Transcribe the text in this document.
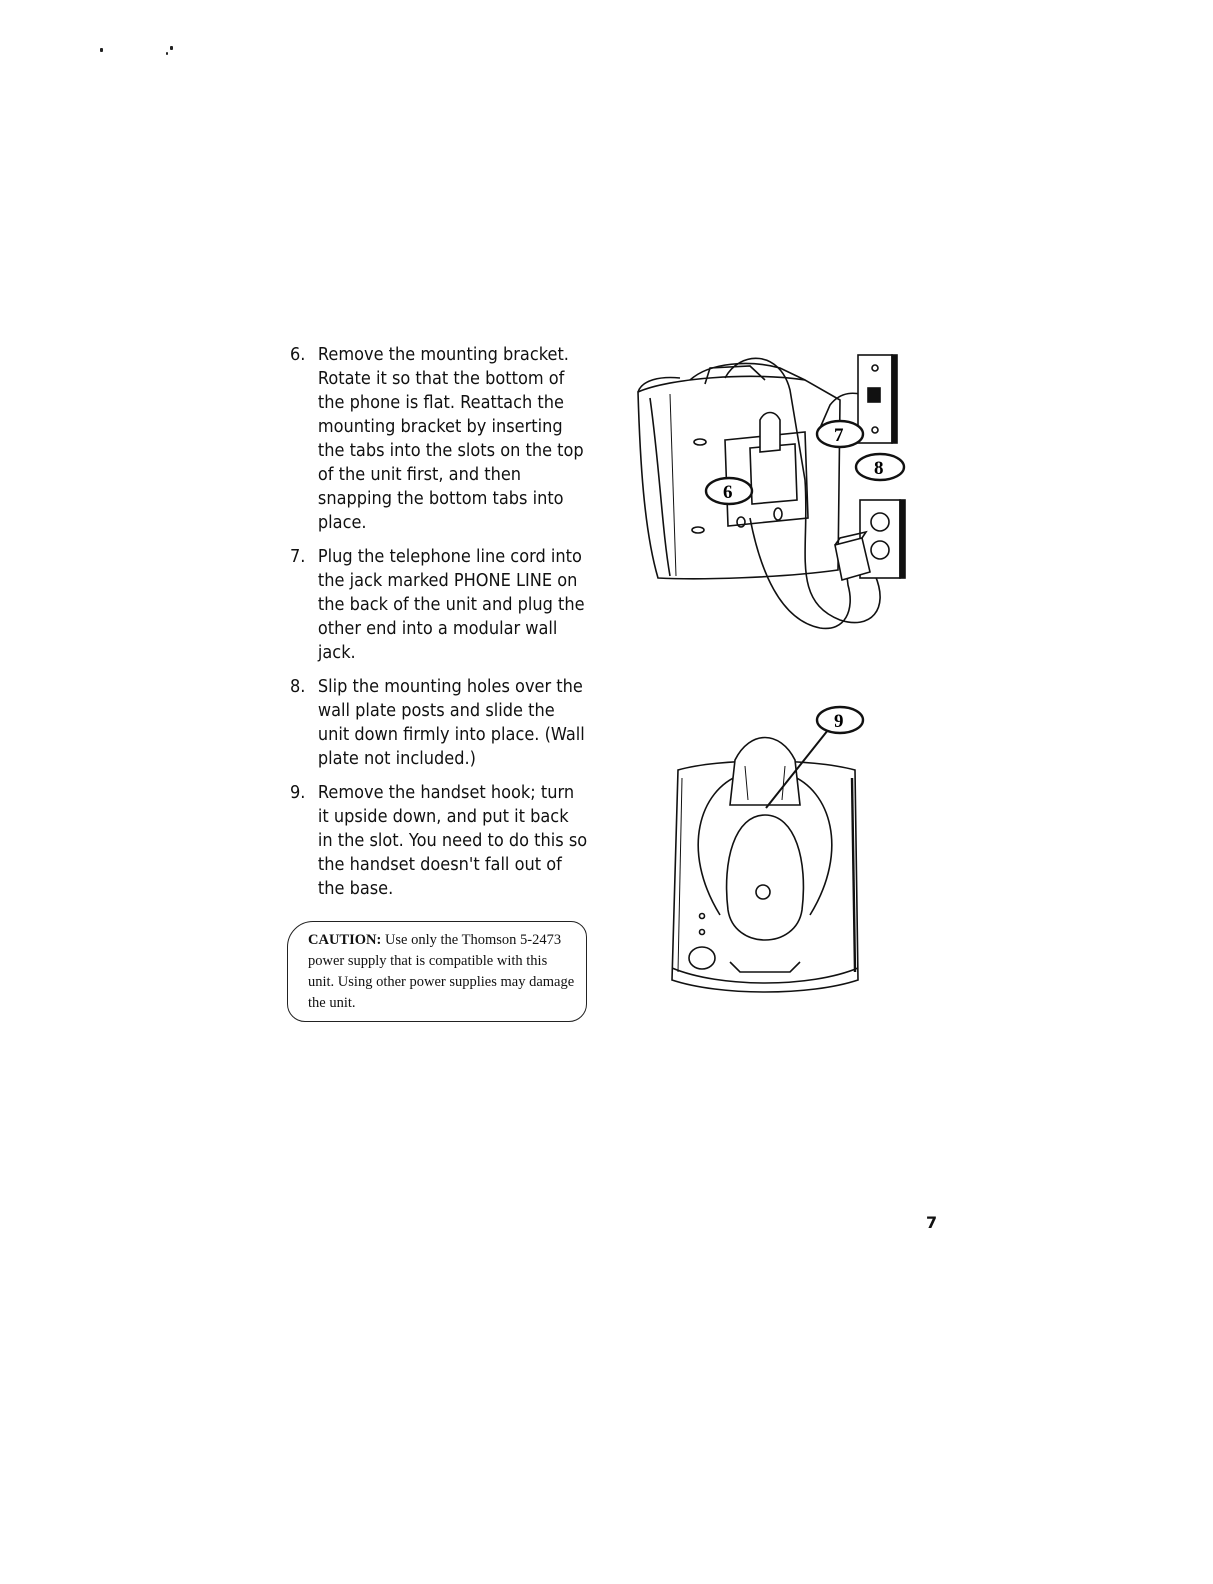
6. Remove the mounting bracket. Rotate it so that the bottom of the phone is flat. Reattach the mounting bracket by inserting the tabs into the slots on the top of the unit first, and then snapping the bottom tabs into place.
7. Plug the telephone line cord into the jack marked PHONE LINE on the back of the unit and plug the other end into a modular wall jack.
8. Slip the mounting holes over the wall plate posts and slide the unit down firmly into place. (Wall plate not included.)
9. Remove the handset hook; turn it upside down, and put it back in the slot. You need to do this so the handset doesn't fall out of the base.
CAUTION: Use only the Thomson 5-2473 power supply that is compatible with this unit. Using other power supplies may damage the unit.
6
7
8
9
7
